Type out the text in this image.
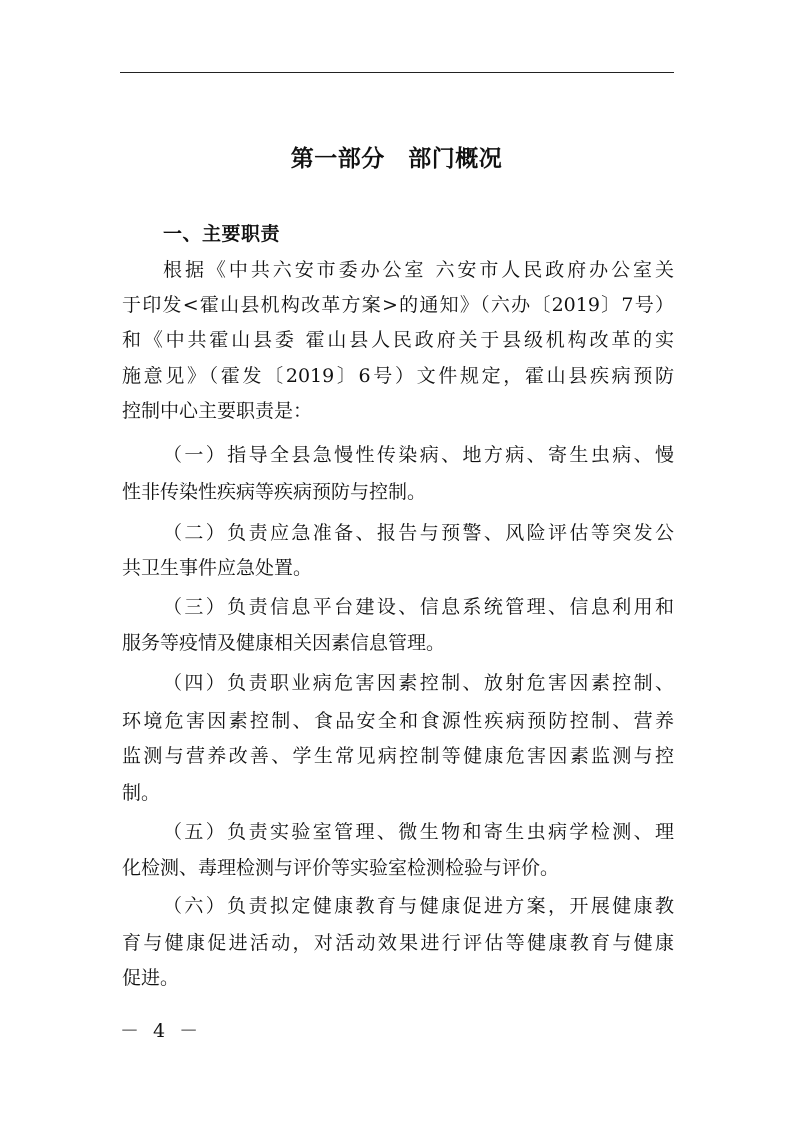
第一部分　部门概况
一、主要职责
根据《中共六安市委办公室 六安市人民政府办公室关
于印发<霍山县机构改革方案>的通知》（六办〔2019〕7号）
和《中共霍山县委 霍山县人民政府关于县级机构改革的实
施意见》（霍发〔2019〕6号）文件规定，霍山县疾病预防
控制中心主要职责是：
（一）指导全县急慢性传染病、地方病、寄生虫病、慢
性非传染性疾病等疾病预防与控制。
（二）负责应急准备、报告与预警、风险评估等突发公
共卫生事件应急处置。
（三）负责信息平台建设、信息系统管理、信息利用和
服务等疫情及健康相关因素信息管理。
（四）负责职业病危害因素控制、放射危害因素控制、
环境危害因素控制、食品安全和食源性疾病预防控制、营养
监测与营养改善、学生常见病控制等健康危害因素监测与控
制。
（五）负责实验室管理、微生物和寄生虫病学检测、理
化检测、毒理检测与评价等实验室检测检验与评价。
（六）负责拟定健康教育与健康促进方案，开展健康教
育与健康促进活动，对活动效果进行评估等健康教育与健康
促进。
－ 4 －
